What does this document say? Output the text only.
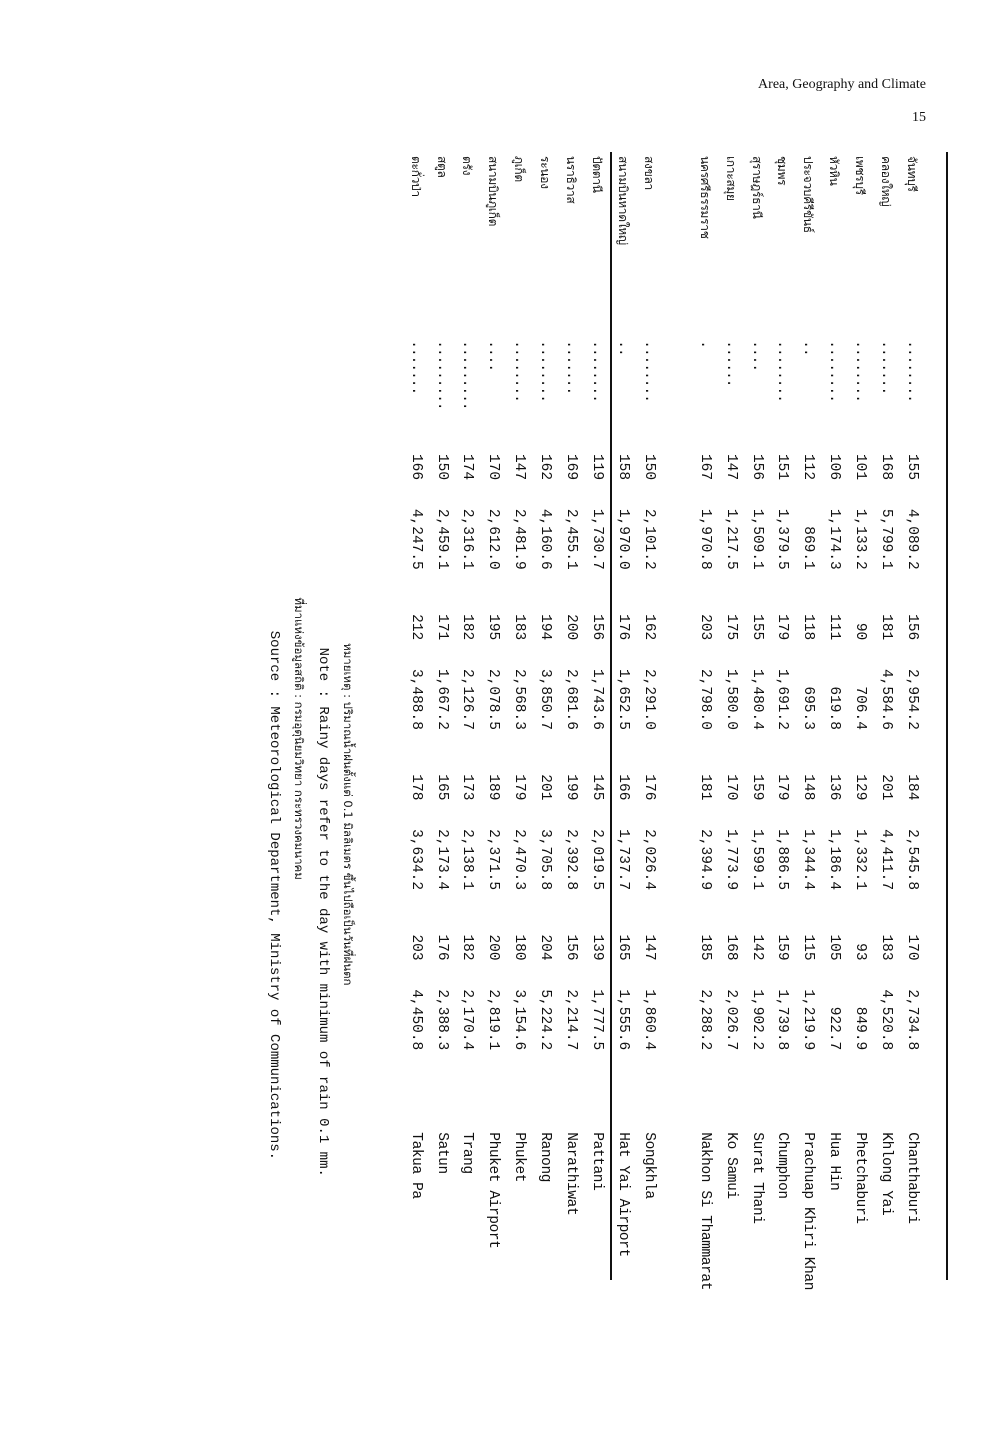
Area, Geography and Climate
15
จันทบุรี	........	155	4,089.2	156	2,954.2	184	2,545.8	170	2,734.8	Chanthaburi
คลองใหญ่	.......	168	5,799.1	181	4,584.6	201	4,411.7	183	4,520.8	Khlong Yai
เพชรบุรี	........	101	1,133.2	90	706.4	129	1,332.1	93	849.9	Phetchaburi
หัวหิน	........	106	1,174.3	111	619.8	136	1,186.4	105	922.7	Hua Hin
ประจวบคีรีขันธ์	..	112	869.1	118	695.3	148	1,344.4	115	1,219.9	Prachuap Khiri Khan
ชุมพร	........	151	1,379.5	179	1,691.2	179	1,886.5	159	1,739.8	Chumphon
สุราษฎร์ธานี	....	156	1,509.1	155	1,480.4	159	1,599.1	142	1,902.2	Surat Thani
เกาะสมุย	......	147	1,217.5	175	1,580.0	170	1,773.9	168	2,026.7	Ko Samui
นครศรีธรรมราช	.	167	1,970.8	203	2,798.0	181	2,394.9	185	2,288.2	Nakhon Si Thammarat

สงขลา	........	150	2,101.2	162	2,291.0	176	2,026.4	147	1,860.4	Songkhla
สนามบินหาดใหญ่	..	158	1,970.0	176	1,652.5	166	1,737.7	165	1,555.6	Hat Yai Airport
ปัตตานี	........	119	1,730.7	156	1,743.6	145	2,019.5	139	1,777.5	Pattani
นราธิวาส	.......	169	2,455.1	200	2,681.6	199	2,392.8	156	2,214.7	Narathiwat
ระนอง	........	162	4,160.6	194	3,850.7	201	3,705.8	204	5,224.2	Ranong
ภูเก็ต	........	147	2,481.9	183	2,568.3	179	2,470.3	180	3,154.6	Phuket
สนามบินภูเก็ต	....	170	2,612.0	195	2,078.5	189	2,371.5	200	2,819.1	Phuket Airport
ตรัง	.........	174	2,316.1	182	2,126.7	173	2,138.1	182	2,170.4	Trang
สตูล	.........	150	2,459.1	171	1,667.2	165	2,173.4	176	2,388.3	Satun
ตะกั่วป่า	.......	166	4,247.5	212	3,488.8	178	3,634.2	203	4,450.8	Takua Pa
หมายเหตุ : ปริมาณน้ำฝนตั้งแต่ 0.1 มิลลิเมตร ขึ้นไปถือเป็นวันที่ฝนตก
Note : Rainy days refer to the day with minimum of rain 0.1 mm.
ที่มาแห่งข้อมูลสถิติ : กรมอุตุนิยมวิทยา กระทรวงคมนาคม
Source : Meteorological Department, Ministry of Communications.
